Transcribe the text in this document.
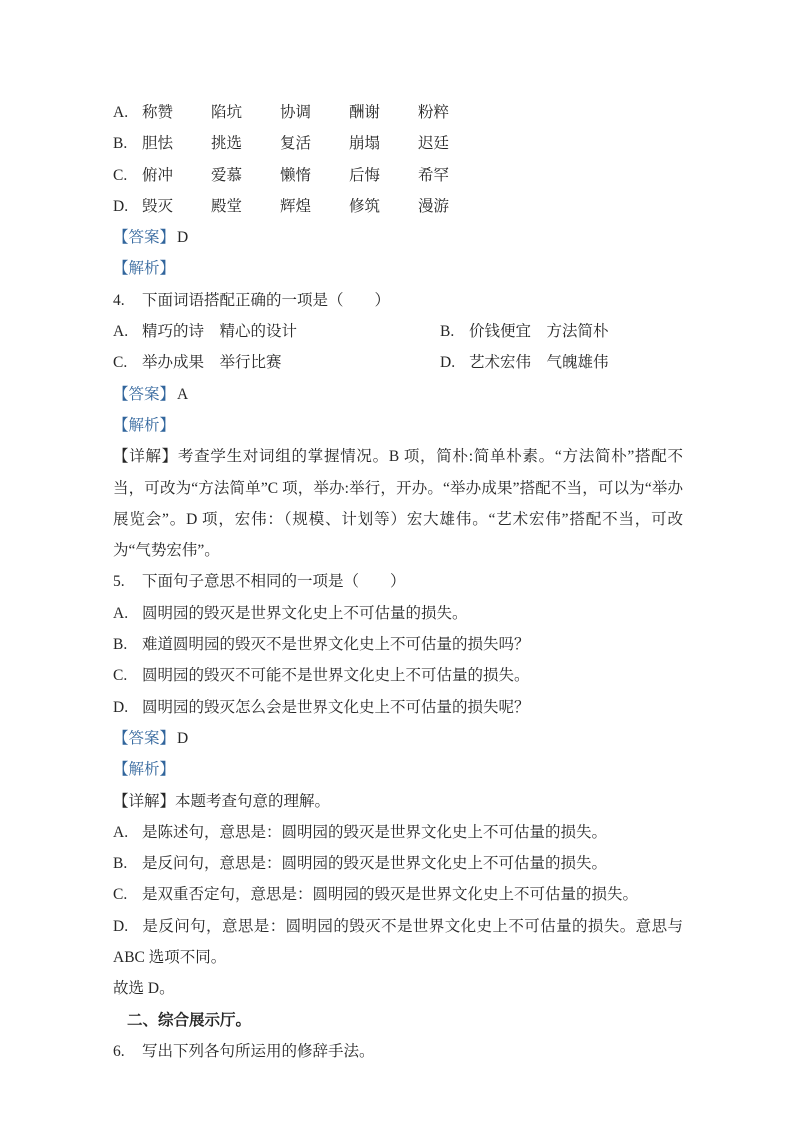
A. 称赞 陷坑 协调 酬谢 粉粹
B. 胆怯 挑选 复活 崩塌 迟廷
C. 俯冲 爱慕 懒惰 后悔 希罕
D. 毁灭 殿堂 辉煌 修筑 漫游
【答案】 D
【解析】
4. 下面词语搭配正确的一项是（　　）
A. 精巧的诗　精心的设计	B. 价钱便宜　方法简朴
C. 举办成果　举行比赛	D. 艺术宏伟　气魄雄伟
【答案】 A
【解析】

【详解】考查学生对词组的掌握情况。B 项，简朴:简单朴素。“方法简朴”搭配不当，可改为“方法简单”C 项，举办:举行，开办。“举办成果”搭配不当，可以为“举办展览会”。D 项，宏伟：（规模、计划等）宏大雄伟。“艺术宏伟”搭配不当，可改为“气势宏伟”。

5. 下面句子意思不相同的一项是（　　）
A. 圆明园的毁灭是世界文化史上不可估量的损失。
B. 难道圆明园的毁灭不是世界文化史上不可估量的损失吗？
C. 圆明园的毁灭不可能不是世界文化史上不可估量的损失。
D. 圆明园的毁灭怎么会是世界文化史上不可估量的损失呢？
【答案】 D
【解析】
【详解】本题考查句意的理解。

A. 是陈述句，意思是：圆明园的毁灭是世界文化史上不可估量的损失。

B. 是反问句，意思是：圆明园的毁灭是世界文化史上不可估量的损失。

C. 是双重否定句，意思是：圆明园的毁灭是世界文化史上不可估量的损失。

D. 是反问句，意思是：圆明园的毁灭不是世界文化史上不可估量的损失。意思与 ABC 选项不同。

故选 D。
二、综合展示厅。
6. 写出下列各句所运用的修辞手法。
